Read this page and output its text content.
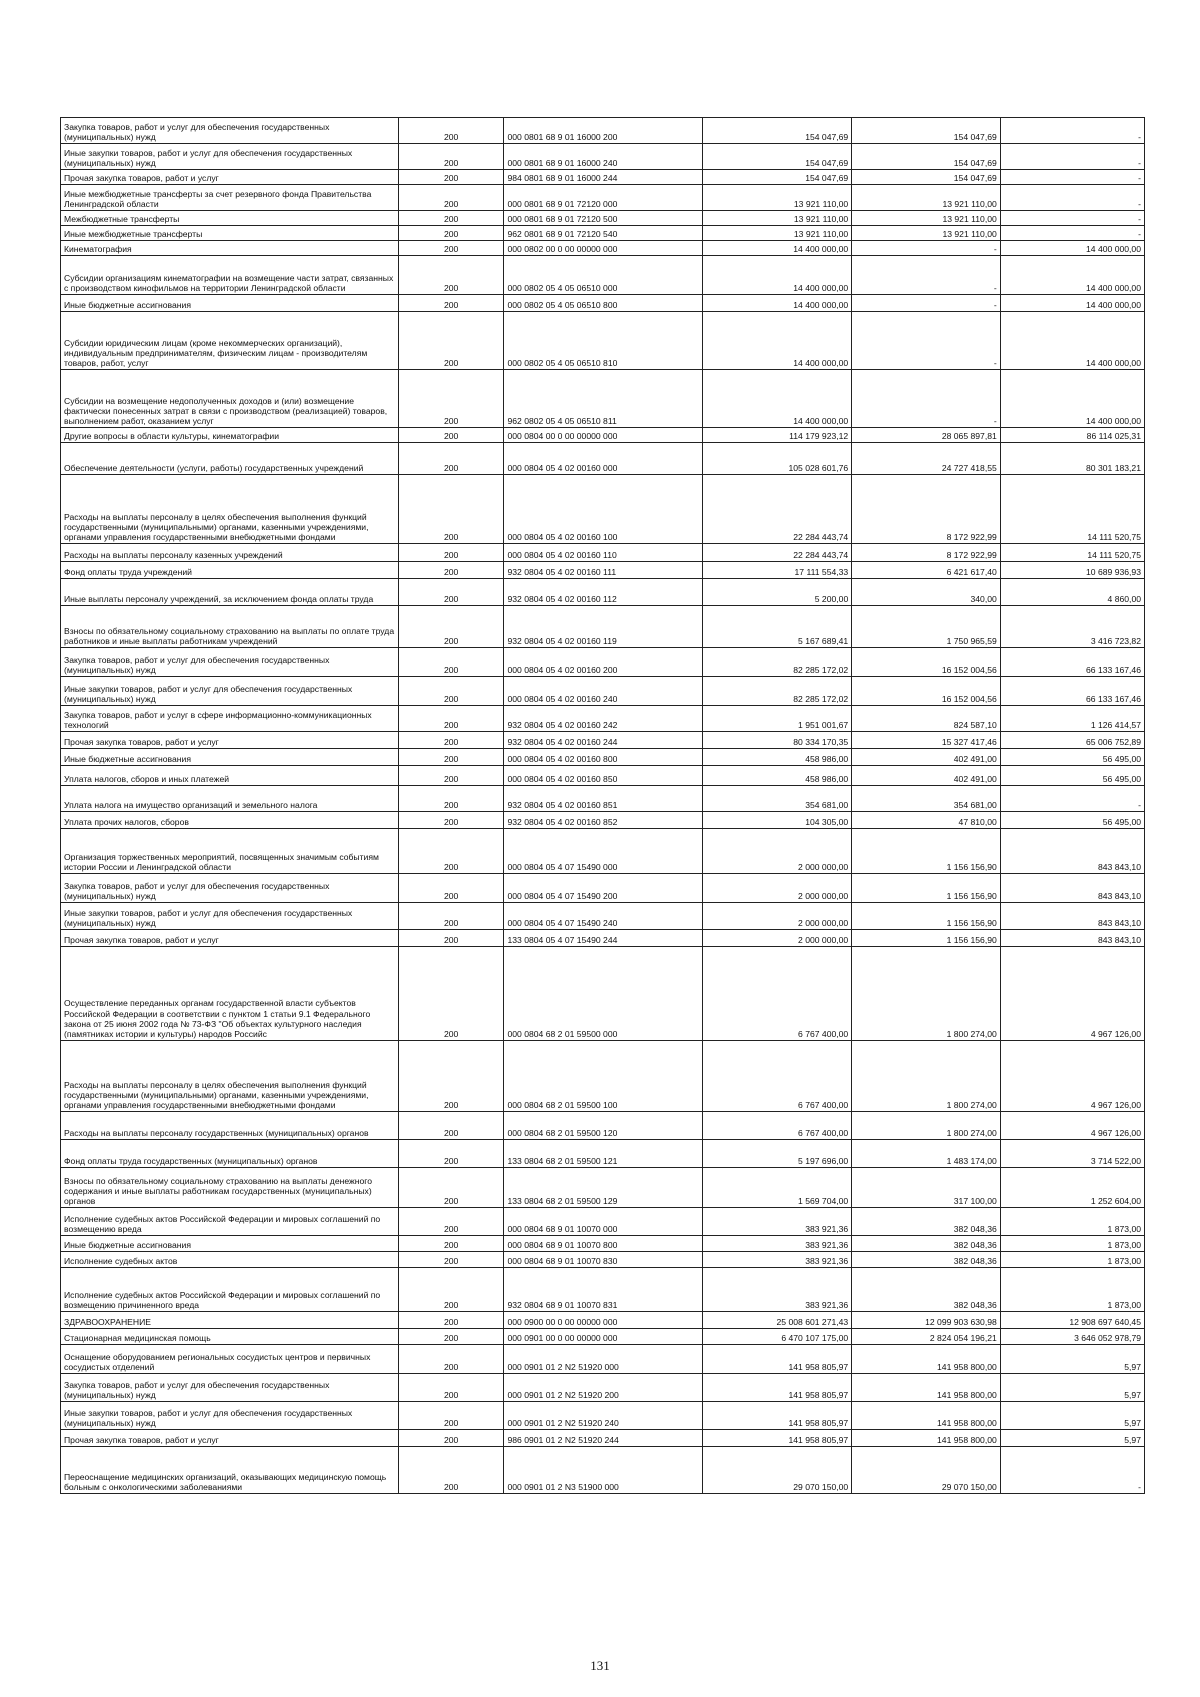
Закупка товаров, работ и услуг для обеспечения государственных (муниципальных) нужд	200	000 0801 68 9 01 16000 200	154 047,69	154 047,69	-
Иные закупки товаров, работ и услуг для обеспечения государственных (муниципальных) нужд	200	000 0801 68 9 01 16000 240	154 047,69	154 047,69	-
Прочая закупка товаров, работ и услуг	200	984 0801 68 9 01 16000 244	154 047,69	154 047,69	-
Иные межбюджетные трансферты за счет резервного фонда Правительства Ленинградской области	200	000 0801 68 9 01 72120 000	13 921 110,00	13 921 110,00	-
Межбюджетные трансферты	200	000 0801 68 9 01 72120 500	13 921 110,00	13 921 110,00	-
Иные межбюджетные трансферты	200	962 0801 68 9 01 72120 540	13 921 110,00	13 921 110,00	-
Кинематография	200	000 0802 00 0 00 00000 000	14 400 000,00	-	14 400 000,00
Субсидии организациям кинематографии на возмещение части затрат, связанных с производством кинофильмов на территории Ленинградской области	200	000 0802 05 4 05 06510 000	14 400 000,00	-	14 400 000,00
Иные бюджетные ассигнования	200	000 0802 05 4 05 06510 800	14 400 000,00	-	14 400 000,00
Субсидии юридическим лицам (кроме некоммерческих организаций), индивидуальным предпринимателям, физическим лицам - производителям товаров, работ, услуг	200	000 0802 05 4 05 06510 810	14 400 000,00	-	14 400 000,00
Субсидии на возмещение недополученных доходов и (или) возмещение фактически понесенных затрат в связи с производством (реализацией) товаров, выполнением работ, оказанием услуг	200	962 0802 05 4 05 06510 811	14 400 000,00	-	14 400 000,00
Другие вопросы в области культуры, кинематографии	200	000 0804 00 0 00 00000 000	114 179 923,12	28 065 897,81	86 114 025,31
Обеспечение деятельности (услуги, работы) государственных учреждений	200	000 0804 05 4 02 00160 000	105 028 601,76	24 727 418,55	80 301 183,21
Расходы на выплаты персоналу в целях обеспечения выполнения функций государственными (муниципальными) органами, казенными учреждениями, органами управления государственными внебюджетными фондами	200	000 0804 05 4 02 00160 100	22 284 443,74	8 172 922,99	14 111 520,75
Расходы на выплаты персоналу казенных учреждений	200	000 0804 05 4 02 00160 110	22 284 443,74	8 172 922,99	14 111 520,75
Фонд оплаты труда учреждений	200	932 0804 05 4 02 00160 111	17 111 554,33	6 421 617,40	10 689 936,93
Иные выплаты персоналу учреждений, за исключением фонда оплаты труда	200	932 0804 05 4 02 00160 112	5 200,00	340,00	4 860,00
Взносы по обязательному социальному страхованию на выплаты по оплате труда работников и иные выплаты работникам учреждений	200	932 0804 05 4 02 00160 119	5 167 689,41	1 750 965,59	3 416 723,82
Закупка товаров, работ и услуг для обеспечения государственных (муниципальных) нужд	200	000 0804 05 4 02 00160 200	82 285 172,02	16 152 004,56	66 133 167,46
Иные закупки товаров, работ и услуг для обеспечения государственных (муниципальных) нужд	200	000 0804 05 4 02 00160 240	82 285 172,02	16 152 004,56	66 133 167,46
Закупка товаров, работ и услуг в сфере информационно-коммуникационных технологий	200	932 0804 05 4 02 00160 242	1 951 001,67	824 587,10	1 126 414,57
Прочая закупка товаров, работ и услуг	200	932 0804 05 4 02 00160 244	80 334 170,35	15 327 417,46	65 006 752,89
Иные бюджетные ассигнования	200	000 0804 05 4 02 00160 800	458 986,00	402 491,00	56 495,00
Уплата налогов, сборов и иных платежей	200	000 0804 05 4 02 00160 850	458 986,00	402 491,00	56 495,00
Уплата налога на имущество организаций и земельного налога	200	932 0804 05 4 02 00160 851	354 681,00	354 681,00	-
Уплата прочих налогов, сборов	200	932 0804 05 4 02 00160 852	104 305,00	47 810,00	56 495,00
Организация торжественных мероприятий, посвященных значимым событиям истории России и Ленинградской области	200	000 0804 05 4 07 15490 000	2 000 000,00	1 156 156,90	843 843,10
Закупка товаров, работ и услуг для обеспечения государственных (муниципальных) нужд	200	000 0804 05 4 07 15490 200	2 000 000,00	1 156 156,90	843 843,10
Иные закупки товаров, работ и услуг для обеспечения государственных (муниципальных) нужд	200	000 0804 05 4 07 15490 240	2 000 000,00	1 156 156,90	843 843,10
Прочая закупка товаров, работ и услуг	200	133 0804 05 4 07 15490 244	2 000 000,00	1 156 156,90	843 843,10
Осуществление переданных органам государственной власти субъектов Российской Федерации в соответствии с пунктом 1 статьи 9.1 Федерального закона от 25 июня 2002 года № 73-ФЗ "Об объектах культурного наследия (памятниках истории и культуры) народов Российс	200	000 0804 68 2 01 59500 000	6 767 400,00	1 800 274,00	4 967 126,00
Расходы на выплаты персоналу в целях обеспечения выполнения функций государственными (муниципальными) органами, казенными учреждениями, органами управления государственными внебюджетными фондами	200	000 0804 68 2 01 59500 100	6 767 400,00	1 800 274,00	4 967 126,00
Расходы на выплаты персоналу государственных (муниципальных) органов	200	000 0804 68 2 01 59500 120	6 767 400,00	1 800 274,00	4 967 126,00
Фонд оплаты труда государственных (муниципальных) органов	200	133 0804 68 2 01 59500 121	5 197 696,00	1 483 174,00	3 714 522,00
Взносы по обязательному социальному страхованию на выплаты денежного содержания и иные выплаты работникам государственных (муниципальных) органов	200	133 0804 68 2 01 59500 129	1 569 704,00	317 100,00	1 252 604,00
Исполнение судебных актов Российской Федерации и мировых соглашений по возмещению вреда	200	000 0804 68 9 01 10070 000	383 921,36	382 048,36	1 873,00
Иные бюджетные ассигнования	200	000 0804 68 9 01 10070 800	383 921,36	382 048,36	1 873,00
Исполнение судебных актов	200	000 0804 68 9 01 10070 830	383 921,36	382 048,36	1 873,00
Исполнение судебных актов Российской Федерации и мировых соглашений по возмещению причиненного вреда	200	932 0804 68 9 01 10070 831	383 921,36	382 048,36	1 873,00
ЗДРАВООХРАНЕНИЕ	200	000 0900 00 0 00 00000 000	25 008 601 271,43	12 099 903 630,98	12 908 697 640,45
Стационарная медицинская помощь	200	000 0901 00 0 00 00000 000	6 470 107 175,00	2 824 054 196,21	3 646 052 978,79
Оснащение оборудованием региональных сосудистых центров и первичных сосудистых отделений	200	000 0901 01 2 N2 51920 000	141 958 805,97	141 958 800,00	5,97
Закупка товаров, работ и услуг для обеспечения государственных (муниципальных) нужд	200	000 0901 01 2 N2 51920 200	141 958 805,97	141 958 800,00	5,97
Иные закупки товаров, работ и услуг для обеспечения государственных (муниципальных) нужд	200	000 0901 01 2 N2 51920 240	141 958 805,97	141 958 800,00	5,97
Прочая закупка товаров, работ и услуг	200	986 0901 01 2 N2 51920 244	141 958 805,97	141 958 800,00	5,97
Переоснащение медицинских организаций, оказывающих медицинскую помощь больным с онкологическими заболеваниями	200	000 0901 01 2 N3 51900 000	29 070 150,00	29 070 150,00	-
131
